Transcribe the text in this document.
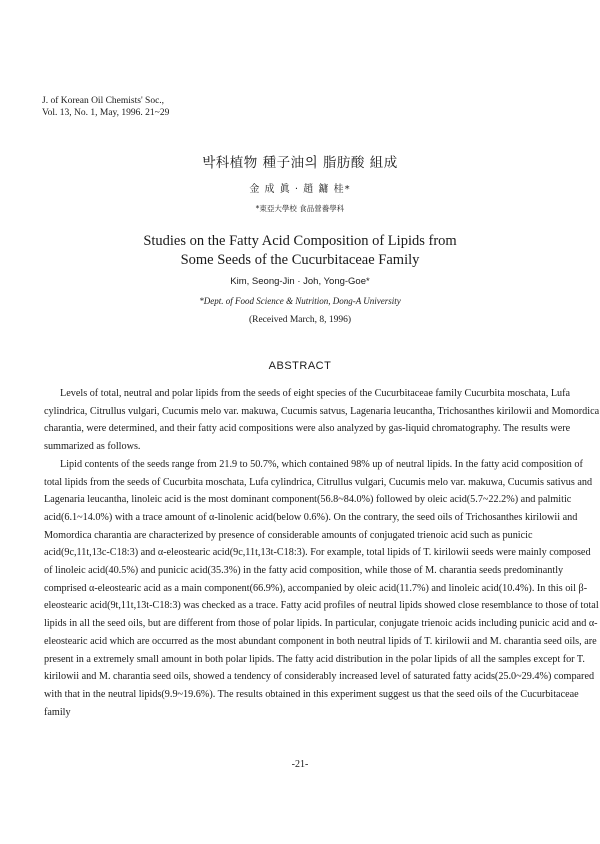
J. of Korean Oil Chemists' Soc.,
Vol. 13, No. 1, May, 1996. 21~29
박科植物 種子油의 脂肪酸 組成
金 成 眞 · 趙 鏞 桂*
*東亞大學校 食品營養學科
Studies on the Fatty Acid Composition of Lipids from
Some Seeds of the Cucurbitaceae Family
Kim, Seong-Jin · Joh, Yong-Goe*
*Dept. of Food Science & Nutrition, Dong-A University
(Received March, 8, 1996)
ABSTRACT

Levels of total, neutral and polar lipids from the seeds of eight species of the Cucurbitaceae family Cucurbita moschata, Lufa cylindrica, Citrullus vulgari, Cucumis melo var. makuwa, Cucumis satvus, Lagenaria leucantha, Trichosanthes kirilowii and Momordica charantia, were determined, and their fatty acid compositions were also analyzed by gas-liquid chromatography. The results were summarized as follows.

Lipid contents of the seeds range from 21.9 to 50.7%, which contained 98% up of neutral lipids. In the fatty acid composition of total lipids from the seeds of Cucurbita moschata, Lufa cylindrica, Citrullus vulgari, Cucumis melo var. makuwa, Cucumis sativus and Lagenaria leucantha, linoleic acid is the most dominant component(56.8~84.0%) followed by oleic acid(5.7~22.2%) and palmitic acid(6.1~14.0%) with a trace amount of α-linolenic acid(below 0.6%). On the contrary, the seed oils of Trichosanthes kirilowii and Momordica charantia are characterized by presence of considerable amounts of conjugated trienoic acid such as punicic acid(9c,11t,13c-C18:3) and α-eleostearic acid(9c,11t,13t-C18:3). For example, total lipids of T. kirilowii seeds were mainly composed of linoleic acid(40.5%) and punicic acid(35.3%) in the fatty acid composition, while those of M. charantia seeds predominantly comprised α-eleostearic acid as a main component(66.9%), accompanied by oleic acid(11.7%) and linoleic acid(10.4%). In this oil β-eleostearic acid(9t,11t,13t-C18:3) was checked as a trace. Fatty acid profiles of neutral lipids showed close resemblance to those of total lipids in all the seed oils, but are different from those of polar lipids. In particular, conjugate trienoic acids including punicic acid and α-eleostearic acid which are occurred as the most abundant component in both neutral lipids of T. kirilowii and M. charantia seed oils, are present in a extremely small amount in both polar lipids. The fatty acid distribution in the polar lipids of all the samples except for T. kirilowii and M. charantia seed oils, showed a tendency of considerably increased level of saturated fatty acids(25.0~29.4%) compared with that in the neutral lipids(9.9~19.6%). The results obtained in this experiment suggest us that the seed oils of the Cucurbitaceae family

-21-
